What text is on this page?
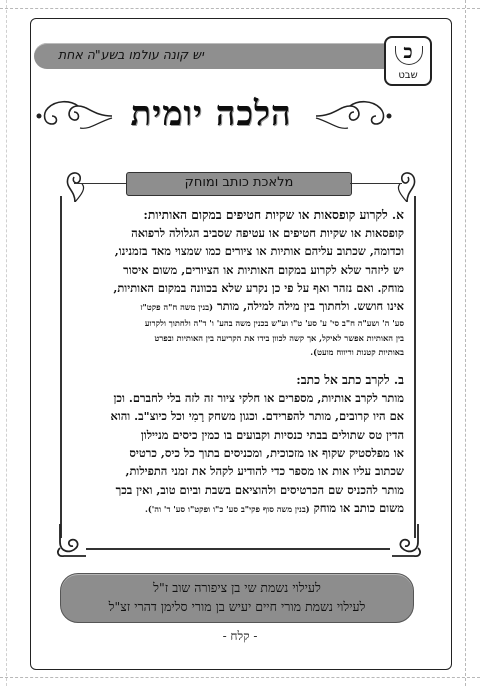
יש קונה עולמו בשע"ה אחת	כ
שבט
הלכה יומית
מלאכת כותב ומוחק

א. לקרוע קופסאות או שקיות חטיפים במקום האותיות:

קופסאות או שקיות חטיפים או עטיפה שסביב הגלולה לרפואה

וכדומה, שכתוב עליהם אותיות או ציורים כמו שמצוי מאד בזמנינו,

יש ליזהר שלא לקרוע במקום האותיות או הציורים, משום איסור

מוחק. ואם נזהר ואף על פי כן נקרע שלא בכוונה במקום האותיות,

אינו חושש. ולחתוך בין מילה למילה, מותר (בנין משה ח"ה פקט"ז

סע' ה' ושע"ה ח"ב סי' ע' סע' ט"ו וע"ש בכנין משה בהע' ו' ד"ה ולחתוך ולקרוע

בין האותיות אפשר לאיקל, אך קשה לכוון בידו את הקריעה בין האותיות ובפרט

באותיות קטנות וריווח מועט).

ב. לקרב כתב אל כתב:

מותר לקרב אותיות, מספרים או חלקי ציור זה לזה בלי לחברם. וכן

אם היו קרובים, מותר להפרידם. וכגון משחק רָמִי וכל כיוצ"ב. והוא

הדין טס שתולים בבתי כנסיות וקבועים בו כמין כיסים מניילון

או מפלסטיק שקוף או מזכוכית, ומכניסים בתוך כל כיס, כרטיס

שכתוב עליו אות או מספר כדי להודיע לקהל את זמני התפילות,

מותר להכניס שם הכרטיסים ולהוציאם בשבת וביום טוב, ואין בכך

משום כותב או מוחק (בנין משה סוף פקי"ב סע' כ"ו ופקט"ו סע' ד' וה').

לעילוי נשמת שי בן ציפורה שוב ז"ל
לעילוי נשמת מורי חיים יעיש בן מורי סלימן דהרי זצ"ל
- קלח -
